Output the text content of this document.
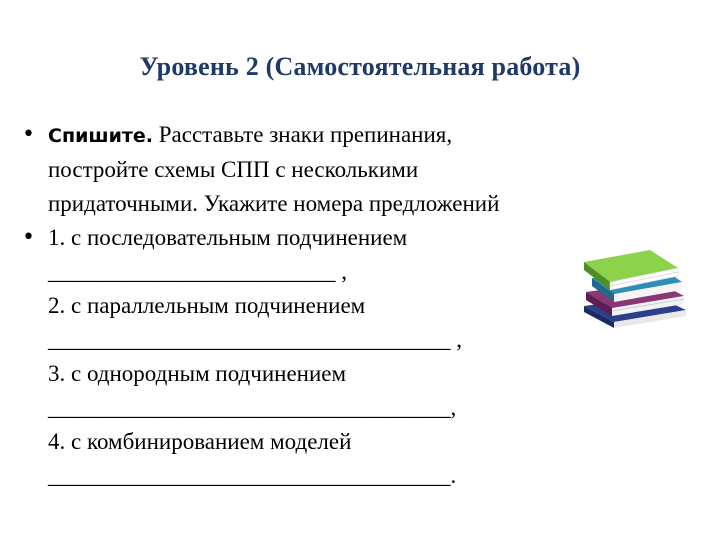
Уровень 2 (Самостоятельная работа)
• Спишите. Расставьте знаки препинания,
постройте схемы СПП с несколькими
придаточными. Укажите номера предложений
• 1. с последовательным подчинением
_________________________ ,
2. с параллельным подчинением
___________________________________ ,
3. с однородным подчинением
___________________________________,
4. с комбинированием моделей
___________________________________.
